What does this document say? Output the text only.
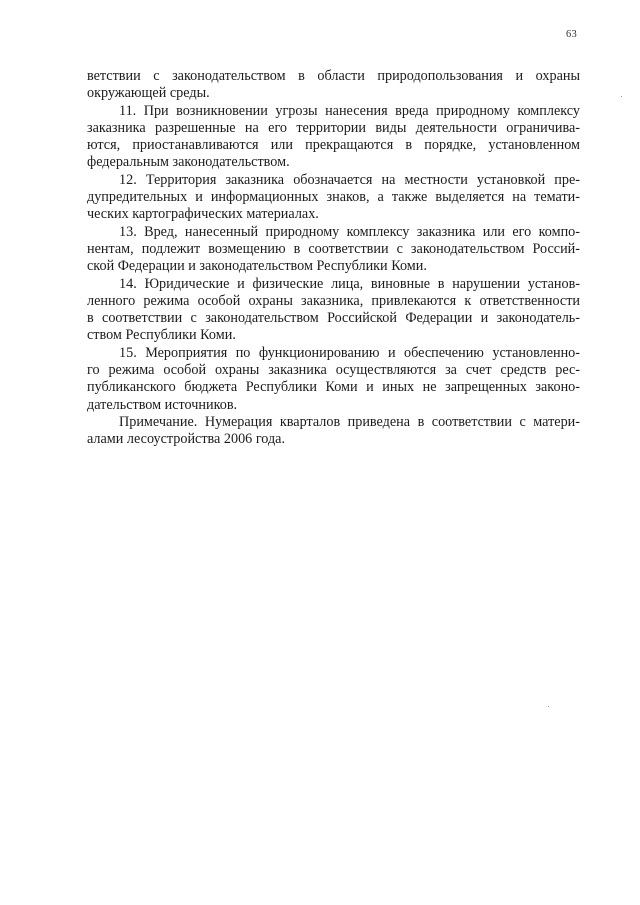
63
ветствии с законодательством в области природопользования и охраны
окружающей среды.
11. При возникновении угрозы нанесения вреда природному комплексу
заказника разрешенные на его территории виды деятельности ограничива-
ются, приостанавливаются или прекращаются в порядке, установленном
федеральным законодательством.
12. Территория заказника обозначается на местности установкой пре-
дупредительных и информационных знаков, а также выделяется на темати-
ческих картографических материалах.
13. Вред, нанесенный природному комплексу заказника или его компо-
нентам, подлежит возмещению в соответствии с законодательством Россий-
ской Федерации и законодательством Республики Коми.
14. Юридические и физические лица, виновные в нарушении установ-
ленного режима особой охраны заказника, привлекаются к ответственности
в соответствии с законодательством Российской Федерации и законодатель-
ством Республики Коми.
15. Мероприятия по функционированию и обеспечению установленно-
го режима особой охраны заказника осуществляются за счет средств рес-
публиканского бюджета Республики Коми и иных не запрещенных законо-
дательством источников.
Примечание. Нумерация кварталов приведена в соответствии с матери-
алами лесоустройства 2006 года.
